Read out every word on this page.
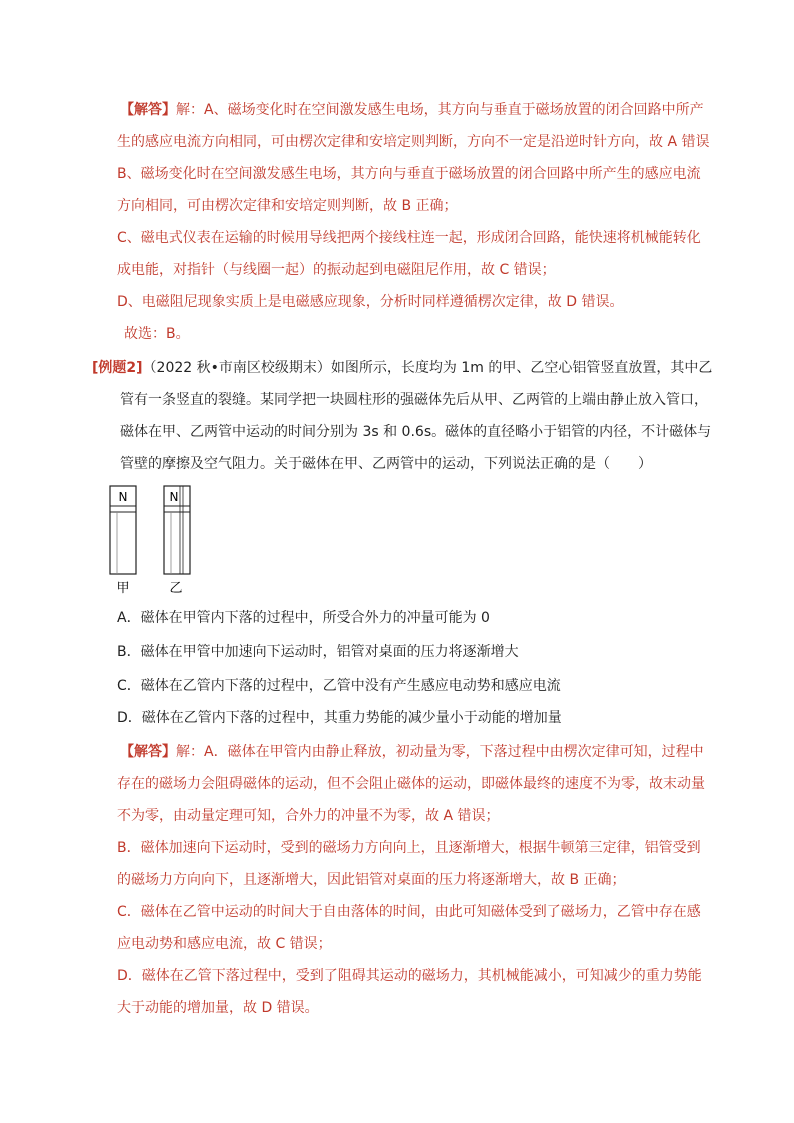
【解答】解：A、磁场变化时在空间激发感生电场，其方向与垂直于磁场放置的闭合回路中所产
生的感应电流方向相同，可由楞次定律和安培定则判断，方向不一定是沿逆时针方向，故 A 错误
B、磁场变化时在空间激发感生电场，其方向与垂直于磁场放置的闭合回路中所产生的感应电流
方向相同，可由楞次定律和安培定则判断，故 B 正确；
C、磁电式仪表在运输的时候用导线把两个接线柱连一起，形成闭合回路，能快速将机械能转化
成电能，对指针（与线圈一起）的振动起到电磁阻尼作用，故 C 错误；
D、电磁阻尼现象实质上是电磁感应现象，分析时同样遵循楞次定律，故 D 错误。
故选：B。
[例题2]（2022 秋•市南区校级期末）如图所示，长度均为 1m 的甲、乙空心铝管竖直放置，其中乙
管有一条竖直的裂缝。某同学把一块圆柱形的强磁体先后从甲、乙两管的上端由静止放入管口，
磁体在甲、乙两管中运动的时间分别为 3s 和 0.6s。磁体的直径略小于铝管的内径，不计磁体与
管壁的摩擦及空气阻力。关于磁体在甲、乙两管中的运动，下列说法正确的是（　　）
N	N
甲	乙
A．磁体在甲管内下落的过程中，所受合外力的冲量可能为 0
B．磁体在甲管中加速向下运动时，铝管对桌面的压力将逐渐增大
C．磁体在乙管内下落的过程中，乙管中没有产生感应电动势和感应电流
D．磁体在乙管内下落的过程中，其重力势能的减少量小于动能的增加量
【解答】解：A．磁体在甲管内由静止释放，初动量为零，下落过程中由楞次定律可知，过程中
存在的磁场力会阻碍磁体的运动，但不会阻止磁体的运动，即磁体最终的速度不为零，故末动量
不为零，由动量定理可知，合外力的冲量不为零，故 A 错误；
B．磁体加速向下运动时，受到的磁场力方向向上，且逐渐增大，根据牛顿第三定律，铝管受到
的磁场力方向向下，且逐渐增大，因此铝管对桌面的压力将逐渐增大，故 B 正确；
C．磁体在乙管中运动的时间大于自由落体的时间，由此可知磁体受到了磁场力，乙管中存在感
应电动势和感应电流，故 C 错误；
D．磁体在乙管下落过程中，受到了阻碍其运动的磁场力，其机械能减小，可知减少的重力势能
大于动能的增加量，故 D 错误。
